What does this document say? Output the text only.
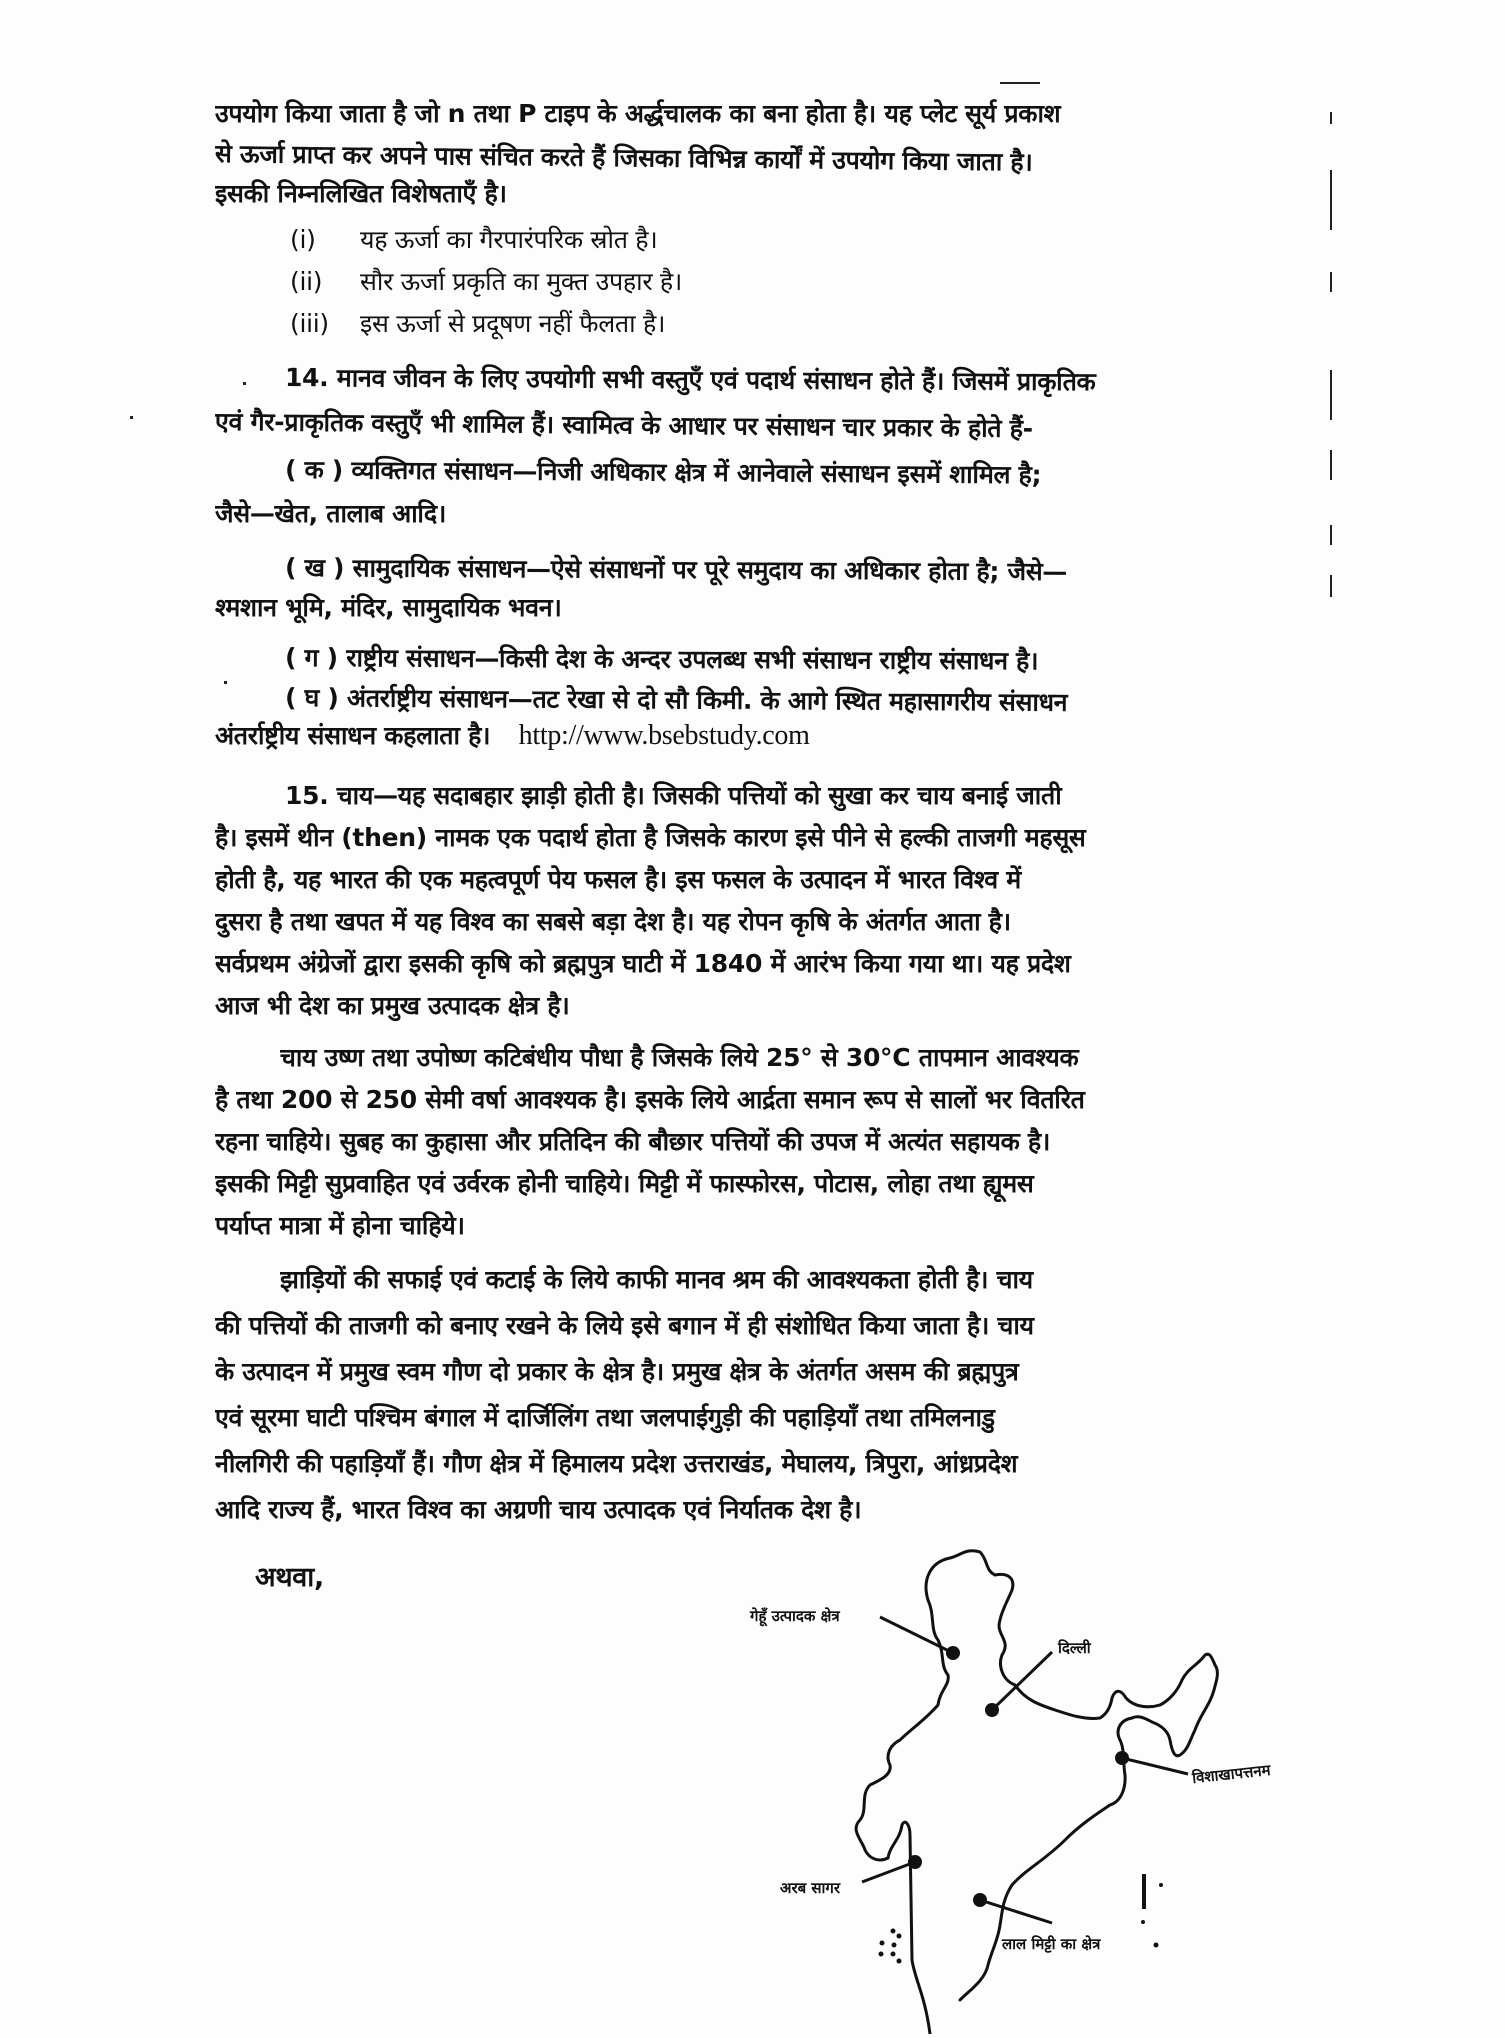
उपयोग किया जाता है जो n तथा P टाइप के अर्द्धचालक का बना होता है। यह प्लेट सूर्य प्रकाश
से ऊर्जा प्राप्त कर अपने पास संचित करते हैं जिसका विभिन्न कार्यों में उपयोग किया जाता है।
इसकी निम्नलिखित विशेषताएँ है।
(i) यह ऊर्जा का गैरपारंपरिक स्रोत है।
(ii) सौर ऊर्जा प्रकृति का मुक्त उपहार है।
(iii) इस ऊर्जा से प्रदूषण नहीं फैलता है।
14. मानव जीवन के लिए उपयोगी सभी वस्तुएँ एवं पदार्थ संसाधन होते हैं। जिसमें प्राकृतिक
एवं गैर-प्राकृतिक वस्तुएँ भी शामिल हैं। स्वामित्व के आधार पर संसाधन चार प्रकार के होते हैं-
( क ) व्यक्तिगत संसाधन—निजी अधिकार क्षेत्र में आनेवाले संसाधन इसमें शामिल है;
जैसे—खेत, तालाब आदि।
( ख ) सामुदायिक संसाधन—ऐसे संसाधनों पर पूरे समुदाय का अधिकार होता है; जैसे—
श्मशान भूमि, मंदिर, सामुदायिक भवन।
( ग ) राष्ट्रीय संसाधन—किसी देश के अन्दर उपलब्ध सभी संसाधन राष्ट्रीय संसाधन है।
( घ ) अंतर्राष्ट्रीय संसाधन—तट रेखा से दो सौ किमी. के आगे स्थित महासागरीय संसाधन
अंतर्राष्ट्रीय संसाधन कहलाता है। http://www.bsebstudy.com
15. चाय—यह सदाबहार झाड़ी होती है। जिसकी पत्तियों को सुखा कर चाय बनाई जाती
है। इसमें थीन (then) नामक एक पदार्थ होता है जिसके कारण इसे पीने से हल्की ताजगी महसूस
होती है, यह भारत की एक महत्वपूर्ण पेय फसल है। इस फसल के उत्पादन में भारत विश्व में
दुसरा है तथा खपत में यह विश्व का सबसे बड़ा देश है। यह रोपन कृषि के अंतर्गत आता है।
सर्वप्रथम अंग्रेजों द्वारा इसकी कृषि को ब्रह्मपुत्र घाटी में 1840 में आरंभ किया गया था। यह प्रदेश
आज भी देश का प्रमुख उत्पादक क्षेत्र है।
चाय उष्ण तथा उपोष्ण कटिबंधीय पौधा है जिसके लिये 25° से 30°C तापमान आवश्यक
है तथा 200 से 250 सेमी वर्षा आवश्यक है। इसके लिये आर्द्रता समान रूप से सालों भर वितरित
रहना चाहिये। सुबह का कुहासा और प्रतिदिन की बौछार पत्तियों की उपज में अत्यंत सहायक है।
इसकी मिट्टी सुप्रवाहित एवं उर्वरक होनी चाहिये। मिट्टी में फास्फोरस, पोटास, लोहा तथा ह्यूमस
पर्याप्त मात्रा में होना चाहिये।
झाड़ियों की सफाई एवं कटाई के लिये काफी मानव श्रम की आवश्यकता होती है। चाय
की पत्तियों की ताजगी को बनाए रखने के लिये इसे बगान में ही संशोधित किया जाता है। चाय
के उत्पादन में प्रमुख स्वम गौण दो प्रकार के क्षेत्र है। प्रमुख क्षेत्र के अंतर्गत असम की ब्रह्मपुत्र
एवं सूरमा घाटी पश्चिम बंगाल में दार्जिलिंग तथा जलपाईगुड़ी की पहाड़ियाँ तथा तमिलनाडु
नीलगिरी की पहाड़ियाँ हैं। गौण क्षेत्र में हिमालय प्रदेश उत्तराखंड, मेघालय, त्रिपुरा, आंध्रप्रदेश
आदि राज्य हैं, भारत विश्व का अग्रणी चाय उत्पादक एवं निर्यातक देश है।
अथवा,
गेहूँ उत्पादक क्षेत्र
दिल्ली
विशाखापत्तनम
अरब सागर
लाल मिट्टी का क्षेत्र
